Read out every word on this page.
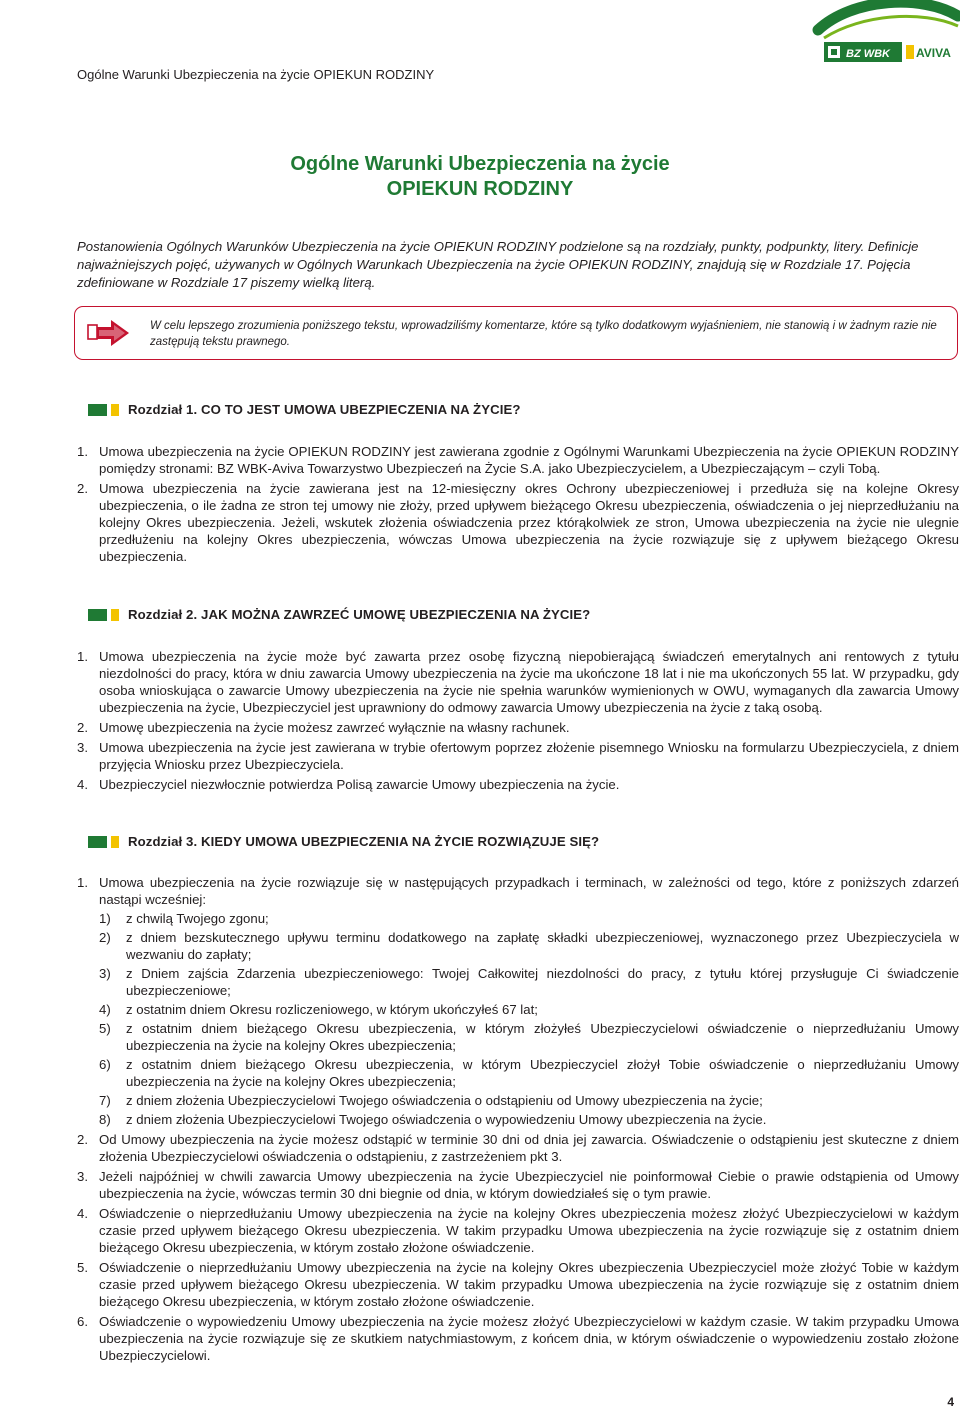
Ogólne Warunki Ubezpieczenia na życie OPIEKUN RODZINY
BZ WBK AVIVA
Ogólne Warunki Ubezpieczenia na życie
OPIEKUN RODZINY
Postanowienia Ogólnych Warunków Ubezpieczenia na życie OPIEKUN RODZINY podzielone są na rozdziały, punkty, podpunkty, litery. Definicje najważniejszych pojęć, używanych w Ogólnych Warunkach Ubezpieczenia na życie OPIEKUN RODZINY, znajdują się w Rozdziale 17. Pojęcia zdefiniowane w Rozdziale 17 piszemy wielką literą.
W celu lepszego zrozumienia poniższego tekstu, wprowadziliśmy komentarze, które są tylko dodatkowym wyjaśnieniem, nie stanowią i w żadnym razie nie zastępują tekstu prawnego.
Rozdział 1. CO TO JEST UMOWA UBEZPIECZENIA NA ŻYCIE?
1. Umowa ubezpieczenia na życie OPIEKUN RODZINY jest zawierana zgodnie z Ogólnymi Warunkami Ubezpieczenia na życie OPIEKUN RODZINY pomiędzy stronami: BZ WBK-Aviva Towarzystwo Ubezpieczeń na Życie S.A. jako Ubezpieczycielem, a Ubezpieczającym – czyli Tobą.
2. Umowa ubezpieczenia na życie zawierana jest na 12-miesięczny okres Ochrony ubezpieczeniowej i przedłuża się na kolejne Okresy ubezpieczenia, o ile żadna ze stron tej umowy nie złoży, przed upływem bieżącego Okresu ubezpieczenia, oświadczenia o jej nieprzedłużaniu na kolejny Okres ubezpieczenia. Jeżeli, wskutek złożenia oświadczenia przez którąkolwiek ze stron, Umowa ubezpieczenia na życie nie ulegnie przedłużeniu na kolejny Okres ubezpieczenia, wówczas Umowa ubezpieczenia na życie rozwiązuje się z upływem bieżącego Okresu ubezpieczenia.
Rozdział 2. JAK MOŻNA ZAWRZEĆ UMOWĘ UBEZPIECZENIA NA ŻYCIE?
1. Umowa ubezpieczenia na życie może być zawarta przez osobę fizyczną niepobierającą świadczeń emerytalnych ani rentowych z tytułu niezdolności do pracy, która w dniu zawarcia Umowy ubezpieczenia na życie ma ukończone 18 lat i nie ma ukończonych 55 lat. W przypadku, gdy osoba wnioskująca o zawarcie Umowy ubezpieczenia na życie nie spełnia warunków wymienionych w OWU, wymaganych dla zawarcia Umowy ubezpieczenia na życie, Ubezpieczyciel jest uprawniony do odmowy zawarcia Umowy ubezpieczenia na życie z taką osobą.
2. Umowę ubezpieczenia na życie możesz zawrzeć wyłącznie na własny rachunek.
3. Umowa ubezpieczenia na życie jest zawierana w trybie ofertowym poprzez złożenie pisemnego Wniosku na formularzu Ubezpieczyciela, z dniem przyjęcia Wniosku przez Ubezpieczyciela.
4. Ubezpieczyciel niezwłocznie potwierdza Polisą zawarcie Umowy ubezpieczenia na życie.
Rozdział 3. KIEDY UMOWA UBEZPIECZENIA NA ŻYCIE ROZWIĄZUJE SIĘ?
1. Umowa ubezpieczenia na życie rozwiązuje się w następujących przypadkach i terminach, w zależności od tego, które z poniższych zdarzeń nastąpi wcześniej:
1) z chwilą Twojego zgonu;
2) z dniem bezskutecznego upływu terminu dodatkowego na zapłatę składki ubezpieczeniowej, wyznaczonego przez Ubezpieczyciela w wezwaniu do zapłaty;
3) z Dniem zajścia Zdarzenia ubezpieczeniowego: Twojej Całkowitej niezdolności do pracy, z tytułu której przysługuje Ci świadczenie ubezpieczeniowe;
4) z ostatnim dniem Okresu rozliczeniowego, w którym ukończyłeś 67 lat;
5) z ostatnim dniem bieżącego Okresu ubezpieczenia, w którym złożyłeś Ubezpieczycielowi oświadczenie o nieprzedłużaniu Umowy ubezpieczenia na życie na kolejny Okres ubezpieczenia;
6) z ostatnim dniem bieżącego Okresu ubezpieczenia, w którym Ubezpieczyciel złożył Tobie oświadczenie o nieprzedłużaniu Umowy ubezpieczenia na życie na kolejny Okres ubezpieczenia;
7) z dniem złożenia Ubezpieczycielowi Twojego oświadczenia o odstąpieniu od Umowy ubezpieczenia na życie;
8) z dniem złożenia Ubezpieczycielowi Twojego oświadczenia o wypowiedzeniu Umowy ubezpieczenia na życie.
2. Od Umowy ubezpieczenia na życie możesz odstąpić w terminie 30 dni od dnia jej zawarcia. Oświadczenie o odstąpieniu jest skuteczne z dniem złożenia Ubezpieczycielowi oświadczenia o odstąpieniu, z zastrzeżeniem pkt 3.
3. Jeżeli najpóźniej w chwili zawarcia Umowy ubezpieczenia na życie Ubezpieczyciel nie poinformował Ciebie o prawie odstąpienia od Umowy ubezpieczenia na życie, wówczas termin 30 dni biegnie od dnia, w którym dowiedziałeś się o tym prawie.
4. Oświadczenie o nieprzedłużaniu Umowy ubezpieczenia na życie na kolejny Okres ubezpieczenia możesz złożyć Ubezpieczycielowi w każdym czasie przed upływem bieżącego Okresu ubezpieczenia. W takim przypadku Umowa ubezpieczenia na życie rozwiązuje się z ostatnim dniem bieżącego Okresu ubezpieczenia, w którym zostało złożone oświadczenie.
5. Oświadczenie o nieprzedłużaniu Umowy ubezpieczenia na życie na kolejny Okres ubezpieczenia Ubezpieczyciel może złożyć Tobie w każdym czasie przed upływem bieżącego Okresu ubezpieczenia. W takim przypadku Umowa ubezpieczenia na życie rozwiązuje się z ostatnim dniem bieżącego Okresu ubezpieczenia, w którym zostało złożone oświadczenie.
6. Oświadczenie o wypowiedzeniu Umowy ubezpieczenia na życie możesz złożyć Ubezpieczycielowi w każdym czasie. W takim przypadku Umowa ubezpieczenia na życie rozwiązuje się ze skutkiem natychmiastowym, z końcem dnia, w którym oświadczenie o wypowiedzeniu zostało złożone Ubezpieczycielowi.
4
